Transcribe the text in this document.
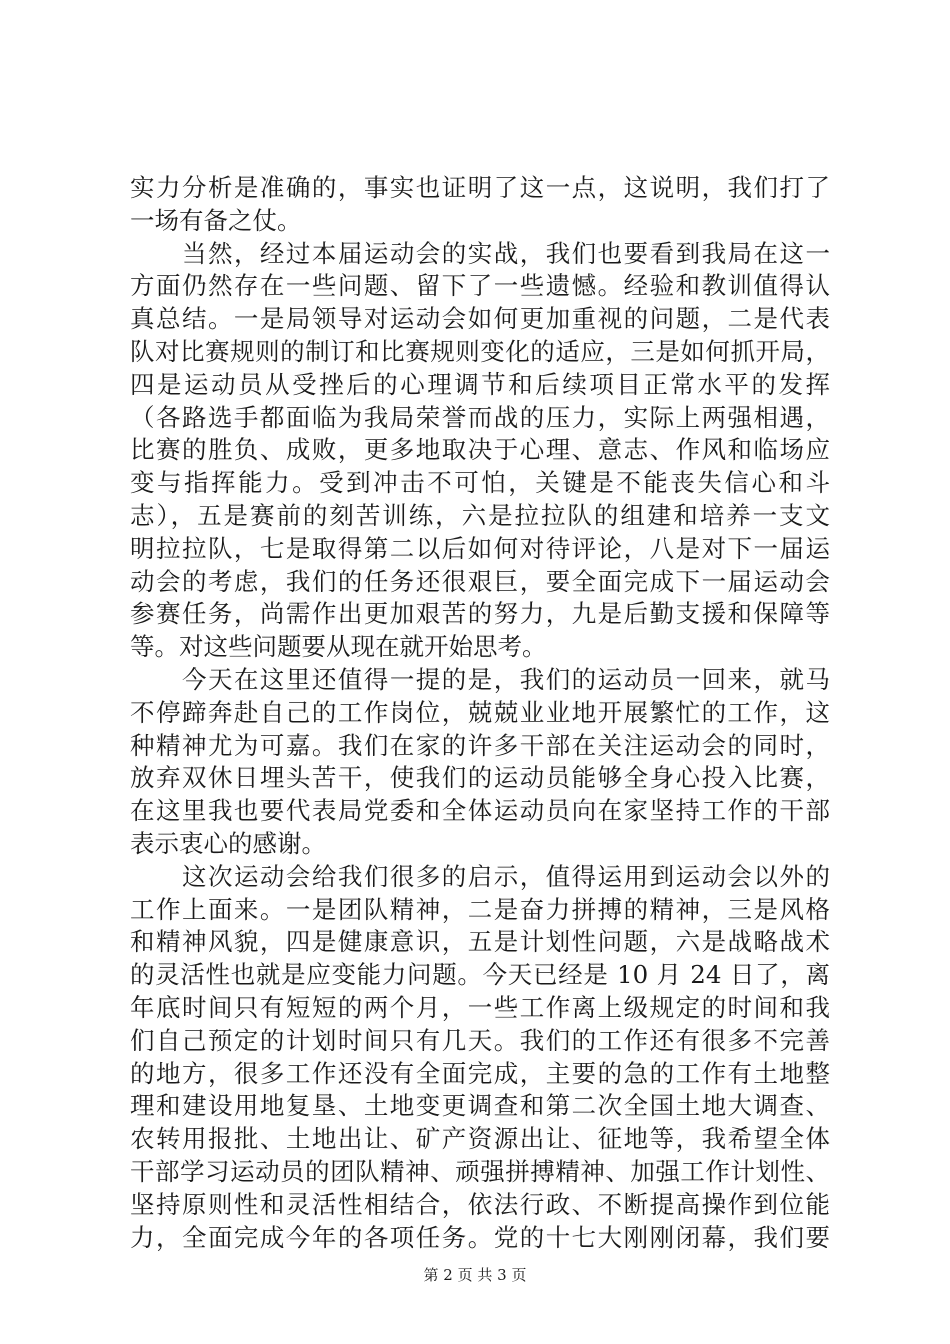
实力分析是准确的，事实也证明了这一点，这说明，我们打了
一场有备之仗。
当然，经过本届运动会的实战，我们也要看到我局在这一
方面仍然存在一些问题、留下了一些遗憾。经验和教训值得认
真总结。一是局领导对运动会如何更加重视的问题，二是代表
队对比赛规则的制订和比赛规则变化的适应，三是如何抓开局，
四是运动员从受挫后的心理调节和后续项目正常水平的发挥
（各路选手都面临为我局荣誉而战的压力，实际上两强相遇，
比赛的胜负、成败，更多地取决于心理、意志、作风和临场应
变与指挥能力。受到冲击不可怕，关键是不能丧失信心和斗
志），五是赛前的刻苦训练，六是拉拉队的组建和培养一支文
明拉拉队，七是取得第二以后如何对待评论，八是对下一届运
动会的考虑，我们的任务还很艰巨，要全面完成下一届运动会
参赛任务，尚需作出更加艰苦的努力，九是后勤支援和保障等
等。对这些问题要从现在就开始思考。
今天在这里还值得一提的是，我们的运动员一回来，就马
不停蹄奔赴自己的工作岗位，兢兢业业地开展繁忙的工作，这
种精神尤为可嘉。我们在家的许多干部在关注运动会的同时，
放弃双休日埋头苦干，使我们的运动员能够全身心投入比赛，
在这里我也要代表局党委和全体运动员向在家坚持工作的干部
表示衷心的感谢。
这次运动会给我们很多的启示，值得运用到运动会以外的
工作上面来。一是团队精神，二是奋力拼搏的精神，三是风格
和精神风貌，四是健康意识，五是计划性问题，六是战略战术
的灵活性也就是应变能力问题。今天已经是 10 月 24 日了，离
年底时间只有短短的两个月，一些工作离上级规定的时间和我
们自己预定的计划时间只有几天。我们的工作还有很多不完善
的地方，很多工作还没有全面完成，主要的急的工作有土地整
理和建设用地复垦、土地变更调查和第二次全国土地大调查、
农转用报批、土地出让、矿产资源出让、征地等，我希望全体
干部学习运动员的团队精神、顽强拼搏精神、加强工作计划性、
坚持原则性和灵活性相结合，依法行政、不断提高操作到位能
力，全面完成今年的各项任务。党的十七大刚刚闭幕，我们要
第 2 页 共 3 页
